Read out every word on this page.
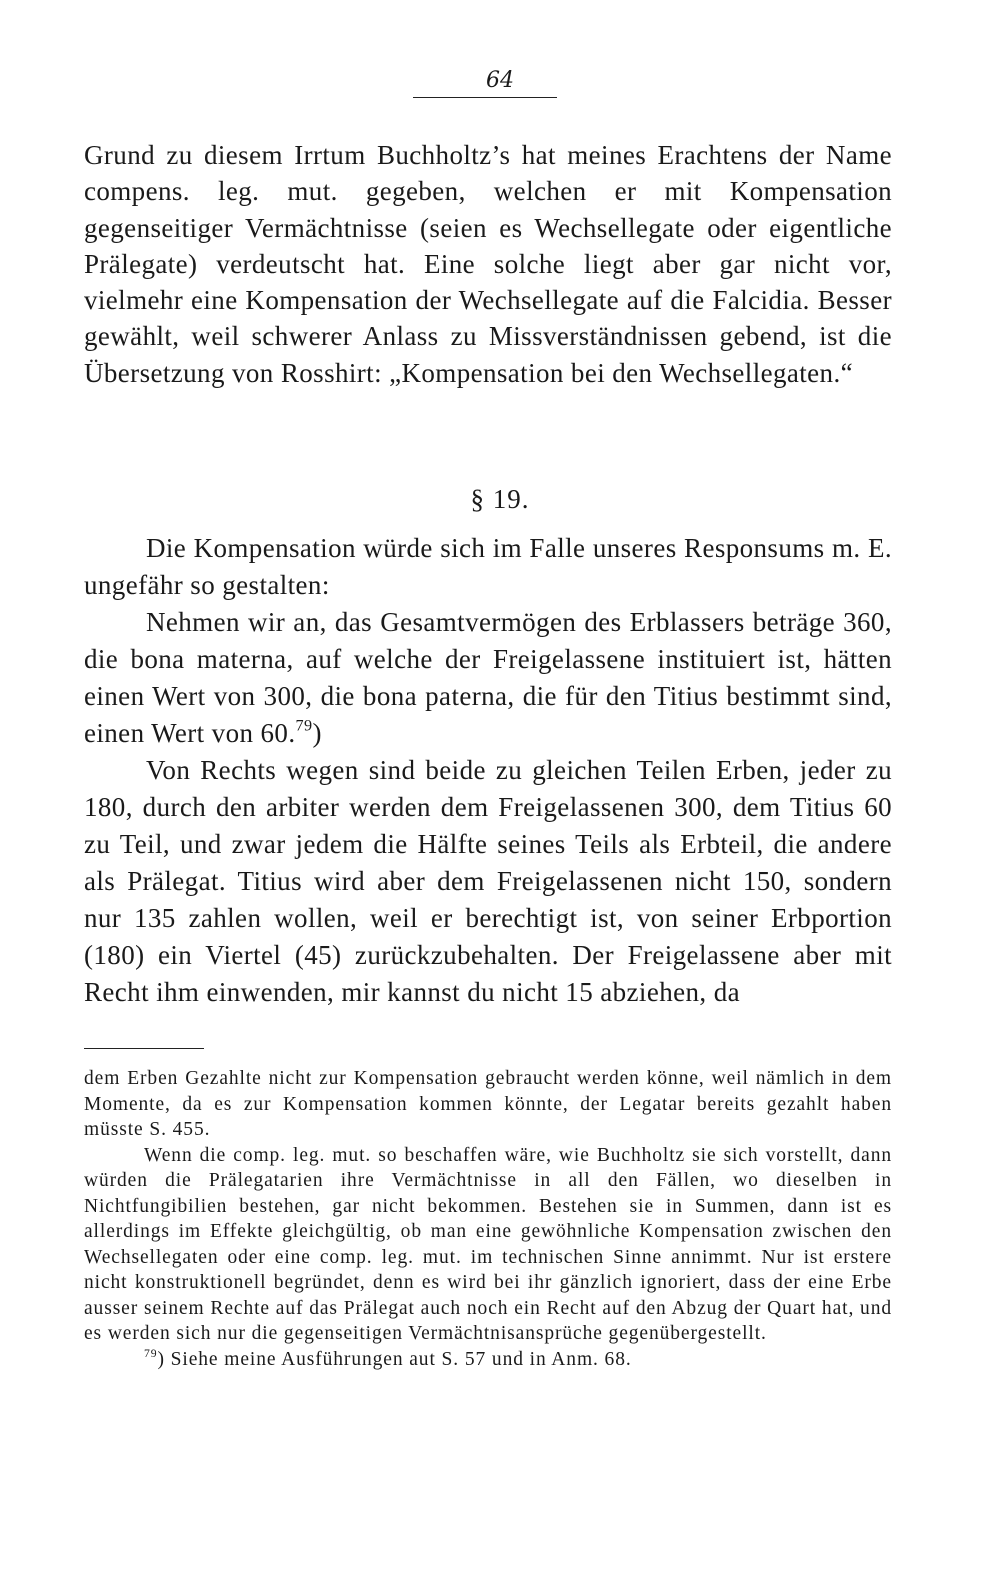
64

Grund zu diesem Irrtum Buchholtz’s hat meines Erachtens der Name compens. leg. mut. gegeben, welchen er mit Kompensation gegenseitiger Vermächtnisse (seien es Wechsellegate oder eigentliche Prälegate) verdeutscht hat. Eine solche liegt aber gar nicht vor, vielmehr eine Kompensation der Wechsellegate auf die Falcidia. Besser gewählt, weil schwerer Anlass zu Missverständnissen gebend, ist die Übersetzung von Rosshirt: „Kompensation bei den Wechsellegaten.“

§ 19.

Die Kompensation würde sich im Falle unseres Responsums m. E. ungefähr so gestalten:

Nehmen wir an, das Gesamtvermögen des Erblassers beträge 360, die bona materna, auf welche der Freigelassene instituiert ist, hätten einen Wert von 300, die bona paterna, die für den Titius bestimmt sind, einen Wert von 60.79)

Von Rechts wegen sind beide zu gleichen Teilen Erben, jeder zu 180, durch den arbiter werden dem Freigelassenen 300, dem Titius 60 zu Teil, und zwar jedem die Hälfte seines Teils als Erbteil, die andere als Prälegat. Titius wird aber dem Freigelassenen nicht 150, sondern nur 135 zahlen wollen, weil er berechtigt ist, von seiner Erbportion (180) ein Viertel (45) zurückzubehalten. Der Freigelassene aber mit Recht ihm einwenden, mir kannst du nicht 15 abziehen, da

dem Erben Gezahlte nicht zur Kompensation gebraucht werden könne, weil nämlich in dem Momente, da es zur Kompensation kommen könnte, der Legatar bereits gezahlt haben müsste S. 455.

Wenn die comp. leg. mut. so beschaffen wäre, wie Buchholtz sie sich vorstellt, dann würden die Prälegatarien ihre Vermächtnisse in all den Fällen, wo dieselben in Nichtfungibilien bestehen, gar nicht bekommen. Bestehen sie in Summen, dann ist es allerdings im Effekte gleichgültig, ob man eine gewöhnliche Kompensation zwischen den Wechsellegaten oder eine comp. leg. mut. im technischen Sinne annimmt. Nur ist erstere nicht konstruktionell begründet, denn es wird bei ihr gänzlich ignoriert, dass der eine Erbe ausser seinem Rechte auf das Prälegat auch noch ein Recht auf den Abzug der Quart hat, und es werden sich nur die gegenseitigen Vermächtnisansprüche gegenübergestellt.

$^{79}$) Siehe meine Ausführungen aut S. 57 und in Anm. 68.
